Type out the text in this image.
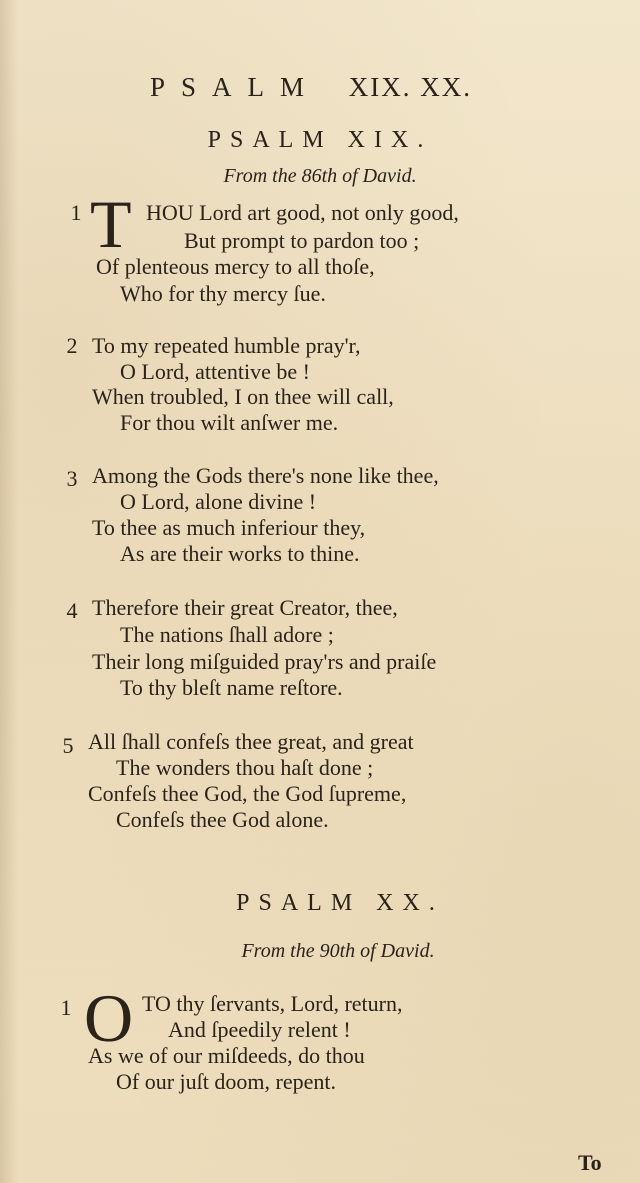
PSALM XIX. XX.
PSALM XIX.
From the 86th of David.
1 T HOU Lord art good, not only good,
But prompt to pardon too ;
Of plenteous mercy to all thoſe,
Who for thy mercy ſue.
2 To my repeated humble pray'r,
O Lord, attentive be !
When troubled, I on thee will call,
For thou wilt anſwer me.
3 Among the Gods there's none like thee,
O Lord, alone divine !
To thee as much inferiour they,
As are their works to thine.
4 Therefore their great Creator, thee,
The nations ſhall adore ;
Their long miſguided pray'rs and praiſe
To thy bleſt name reſtore.
5 All ſhall confeſs thee great, and great
The wonders thou haſt done ;
Confeſs thee God, the God ſupreme,
Confeſs thee God alone.
PSALM XX.
From the 90th of David.
1 O TO thy ſervants, Lord, return,
And ſpeedily relent !
As we of our miſdeeds, do thou
Of our juſt doom, repent.
To
